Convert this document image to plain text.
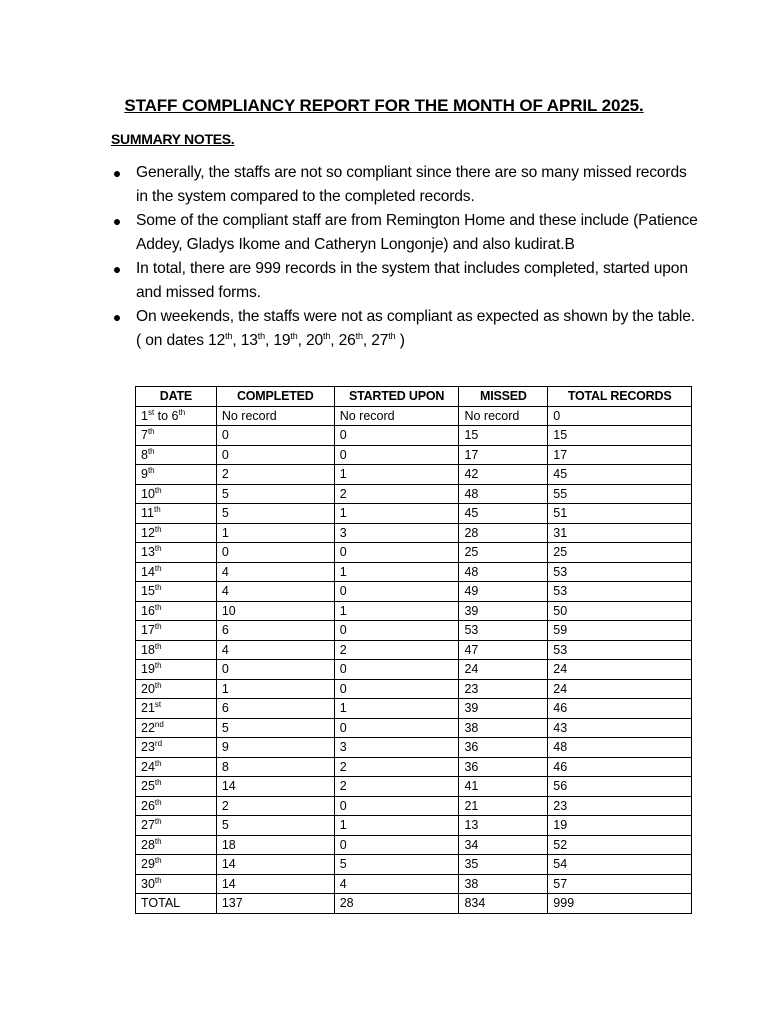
STAFF COMPLIANCY REPORT FOR THE MONTH OF APRIL 2025.
SUMMARY NOTES.
● Generally, the staffs are not so compliant since there are so many missed records in the system compared to the completed records.
● Some of the compliant staff are from Remington Home and these include (Patience Addey, Gladys Ikome and Catheryn Longonje) and also kudirat.B
● In total, there are 999 records in the system that includes completed, started upon and missed forms.
● On weekends, the staffs were not as compliant as expected as shown by the table. ( on dates 12th, 13th, 19th, 20th, 26th, 27th )
DATE	COMPLETED	STARTED UPON	MISSED	TOTAL RECORDS
1st to 6th	No record	No record	No record	0
7th	0	0	15	15
8th	0	0	17	17
9th	2	1	42	45
10th	5	2	48	55
11th	5	1	45	51
12th	1	3	28	31
13th	0	0	25	25
14th	4	1	48	53
15th	4	0	49	53
16th	10	1	39	50
17th	6	0	53	59
18th	4	2	47	53
19th	0	0	24	24
20th	1	0	23	24
21st	6	1	39	46
22nd	5	0	38	43
23rd	9	3	36	48
24th	8	2	36	46
25th	14	2	41	56
26th	2	0	21	23
27th	5	1	13	19
28th	18	0	34	52
29th	14	5	35	54
30th	14	4	38	57
TOTAL	137	28	834	999
